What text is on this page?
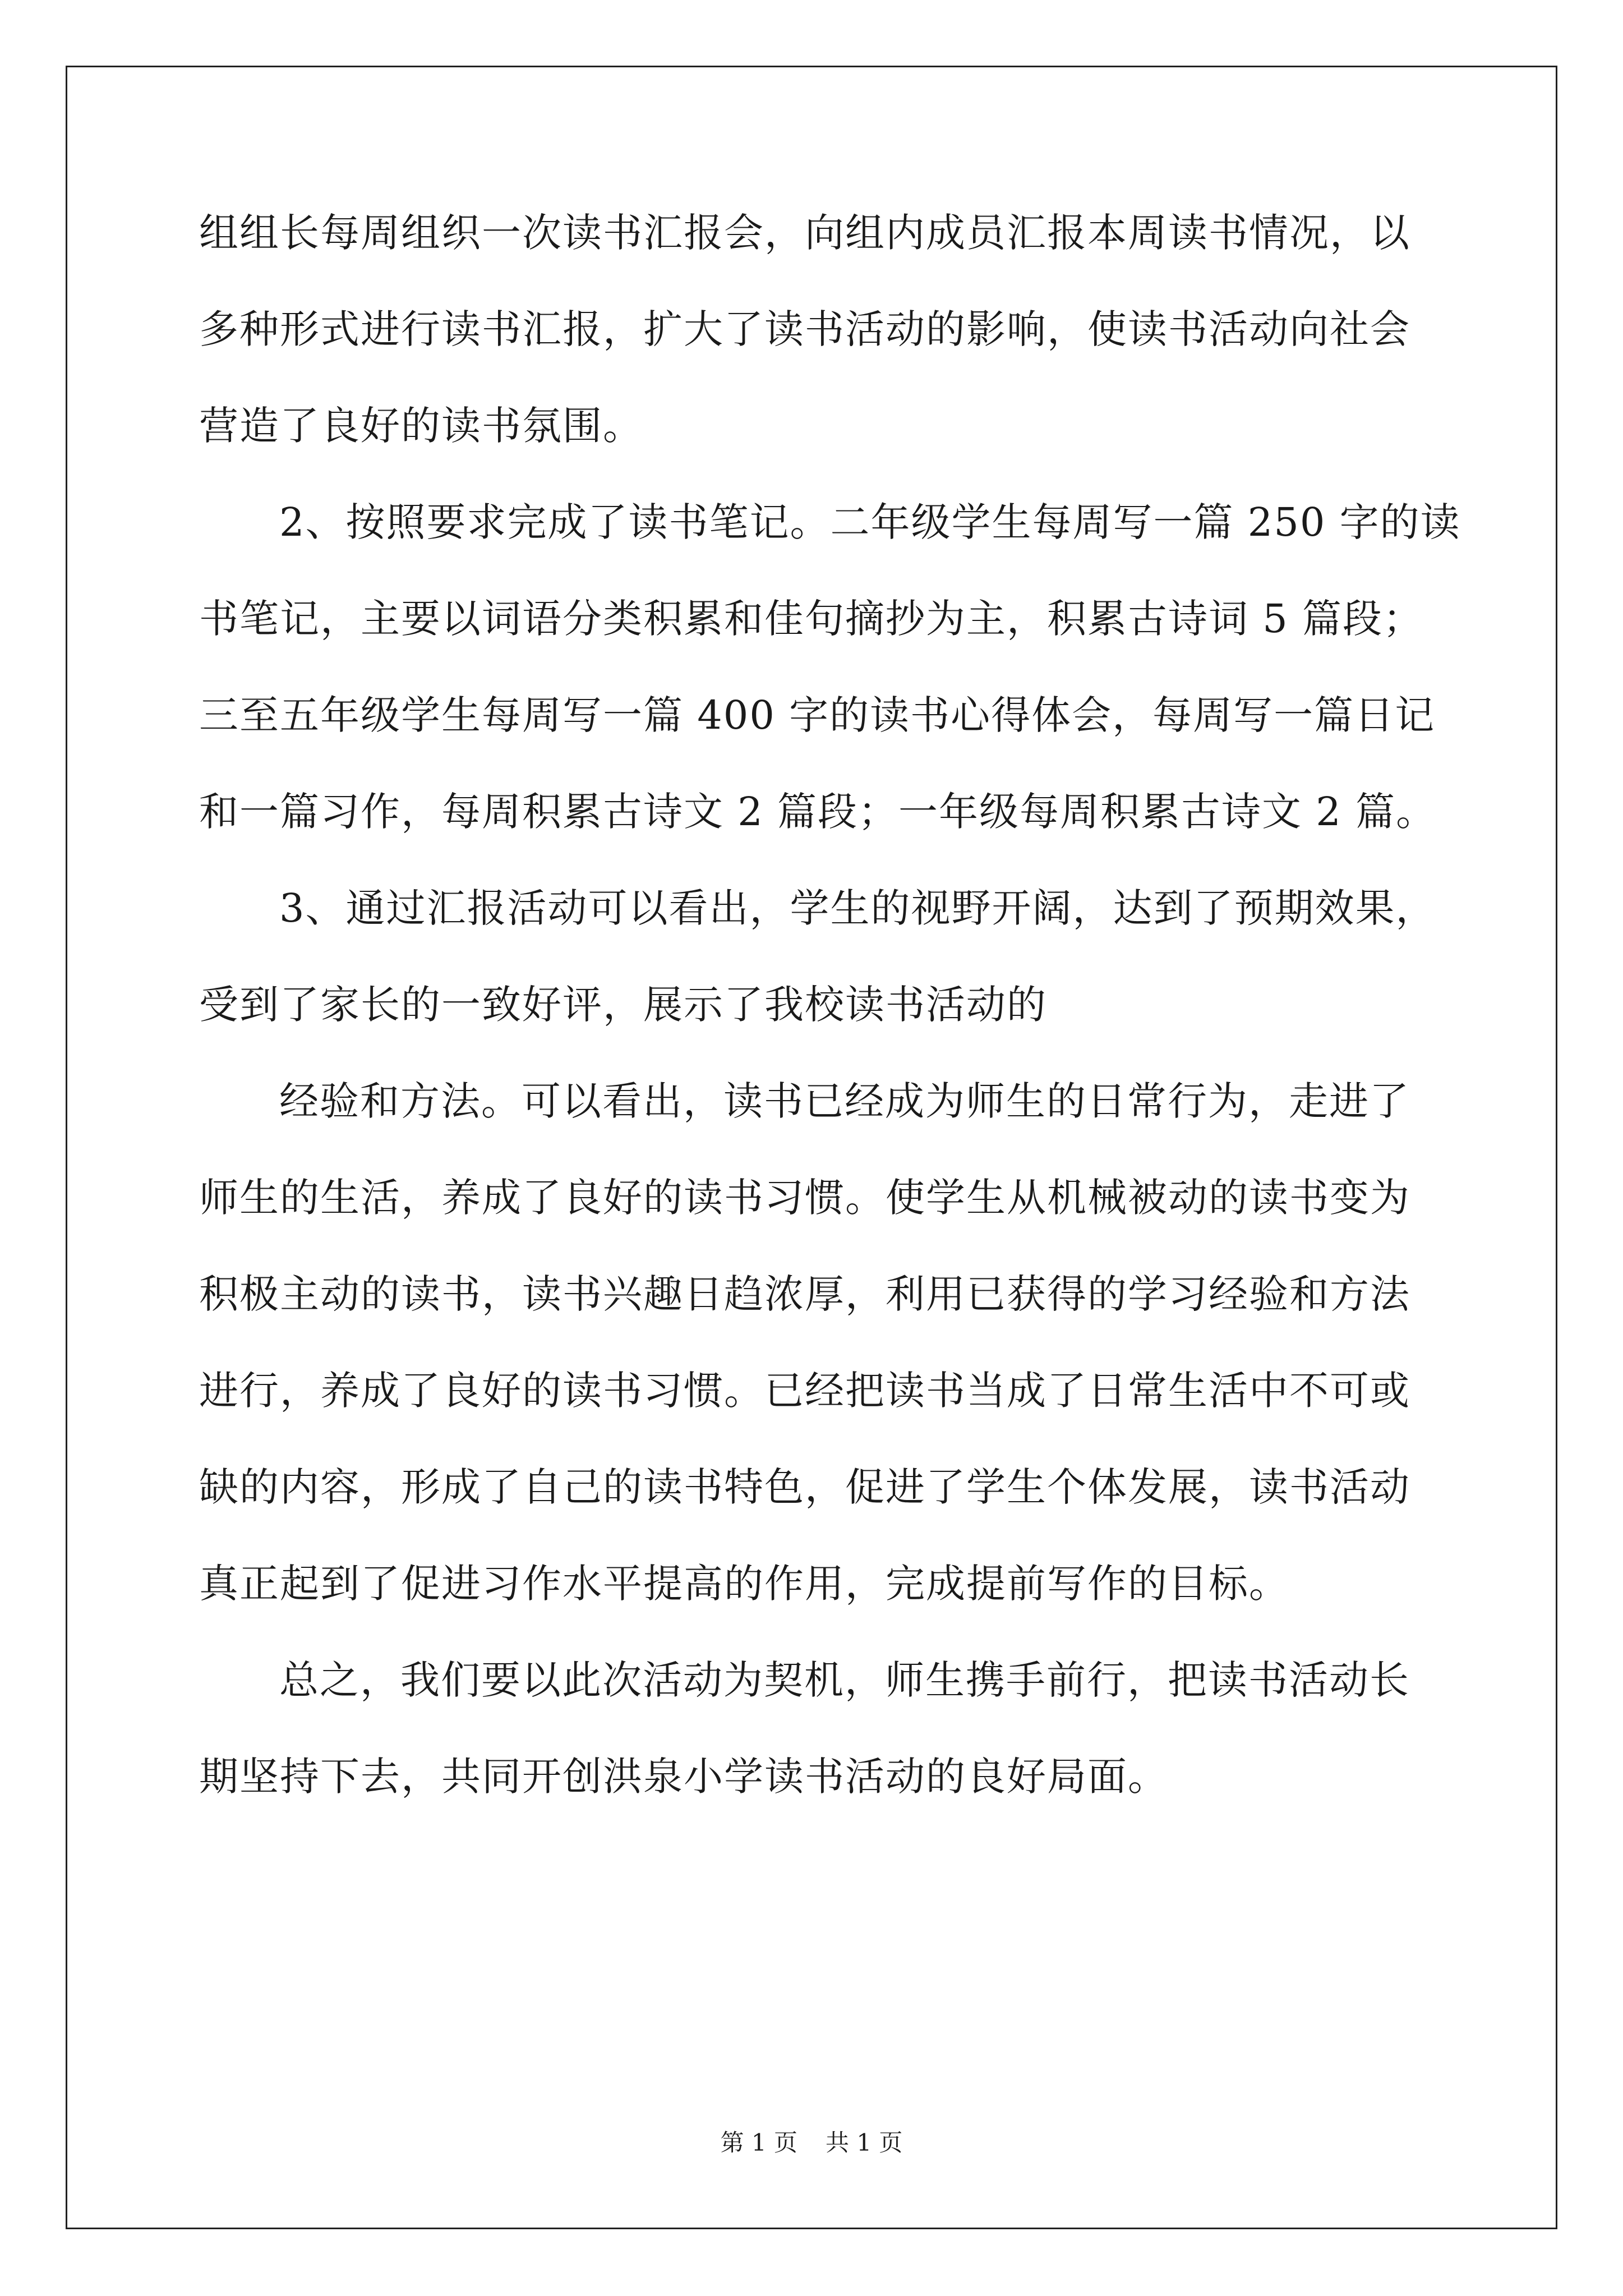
组组长每周组织一次读书汇报会，向组内成员汇报本周读书情况，以
多种形式进行读书汇报，扩大了读书活动的影响，使读书活动向社会
营造了良好的读书氛围。
2、按照要求完成了读书笔记。二年级学生每周写一篇 250 字的读
书笔记，主要以词语分类积累和佳句摘抄为主，积累古诗词 5 篇段；
三至五年级学生每周写一篇 400 字的读书心得体会，每周写一篇日记
和一篇习作，每周积累古诗文 2 篇段；一年级每周积累古诗文 2 篇。
3、通过汇报活动可以看出，学生的视野开阔，达到了预期效果，
受到了家长的一致好评，展示了我校读书活动的
经验和方法。可以看出，读书已经成为师生的日常行为，走进了
师生的生活，养成了良好的读书习惯。使学生从机械被动的读书变为
积极主动的读书，读书兴趣日趋浓厚，利用已获得的学习经验和方法
进行，养成了良好的读书习惯。已经把读书当成了日常生活中不可或
缺的内容，形成了自己的读书特色，促进了学生个体发展，读书活动
真正起到了促进习作水平提高的作用，完成提前写作的目标。
总之，我们要以此次活动为契机，师生携手前行，把读书活动长
期坚持下去，共同开创洪泉小学读书活动的良好局面。
第 1 页 共 1 页
